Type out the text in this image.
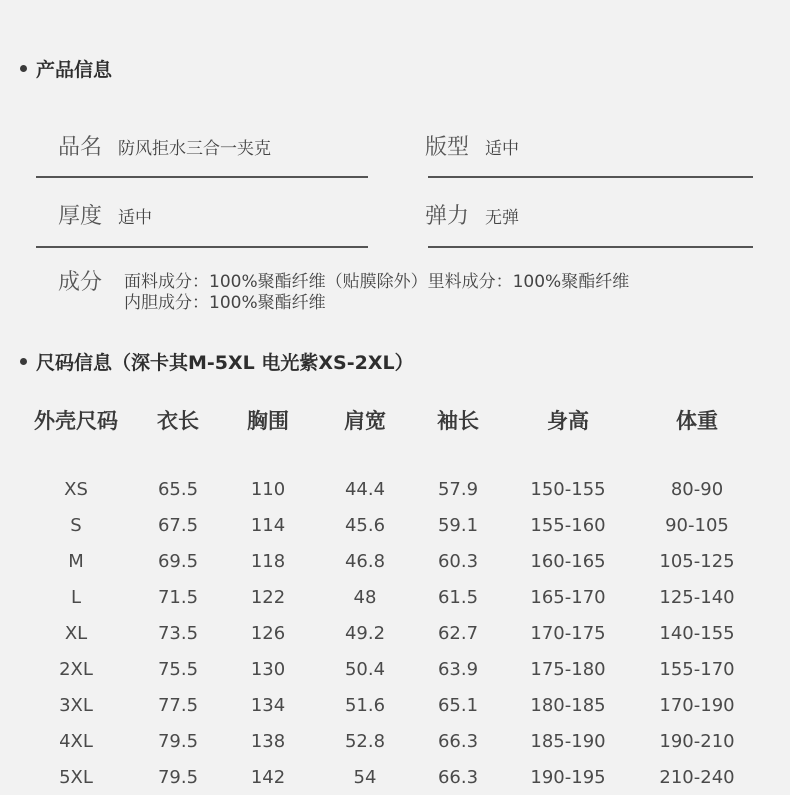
产品信息
品名 防风拒水三合一夹克	版型 适中
厚度 适中	弹力 无弹
成分 面料成分：100%聚酯纤维（贴膜除外）里料成分：100%聚酯纤维
内胆成分：100%聚酯纤维
尺码信息（深卡其M-5XL 电光紫XS-2XL）
外壳尺码	衣长	胸围	肩宽	袖长	身高	体重

XS	65.5	110	44.4	57.9	150-155	80-90
S	67.5	114	45.6	59.1	155-160	90-105
M	69.5	118	46.8	60.3	160-165	105-125
L	71.5	122	48	61.5	165-170	125-140
XL	73.5	126	49.2	62.7	170-175	140-155
2XL	75.5	130	50.4	63.9	175-180	155-170
3XL	77.5	134	51.6	65.1	180-185	170-190
4XL	79.5	138	52.8	66.3	185-190	190-210
5XL	79.5	142	54	66.3	190-195	210-240
